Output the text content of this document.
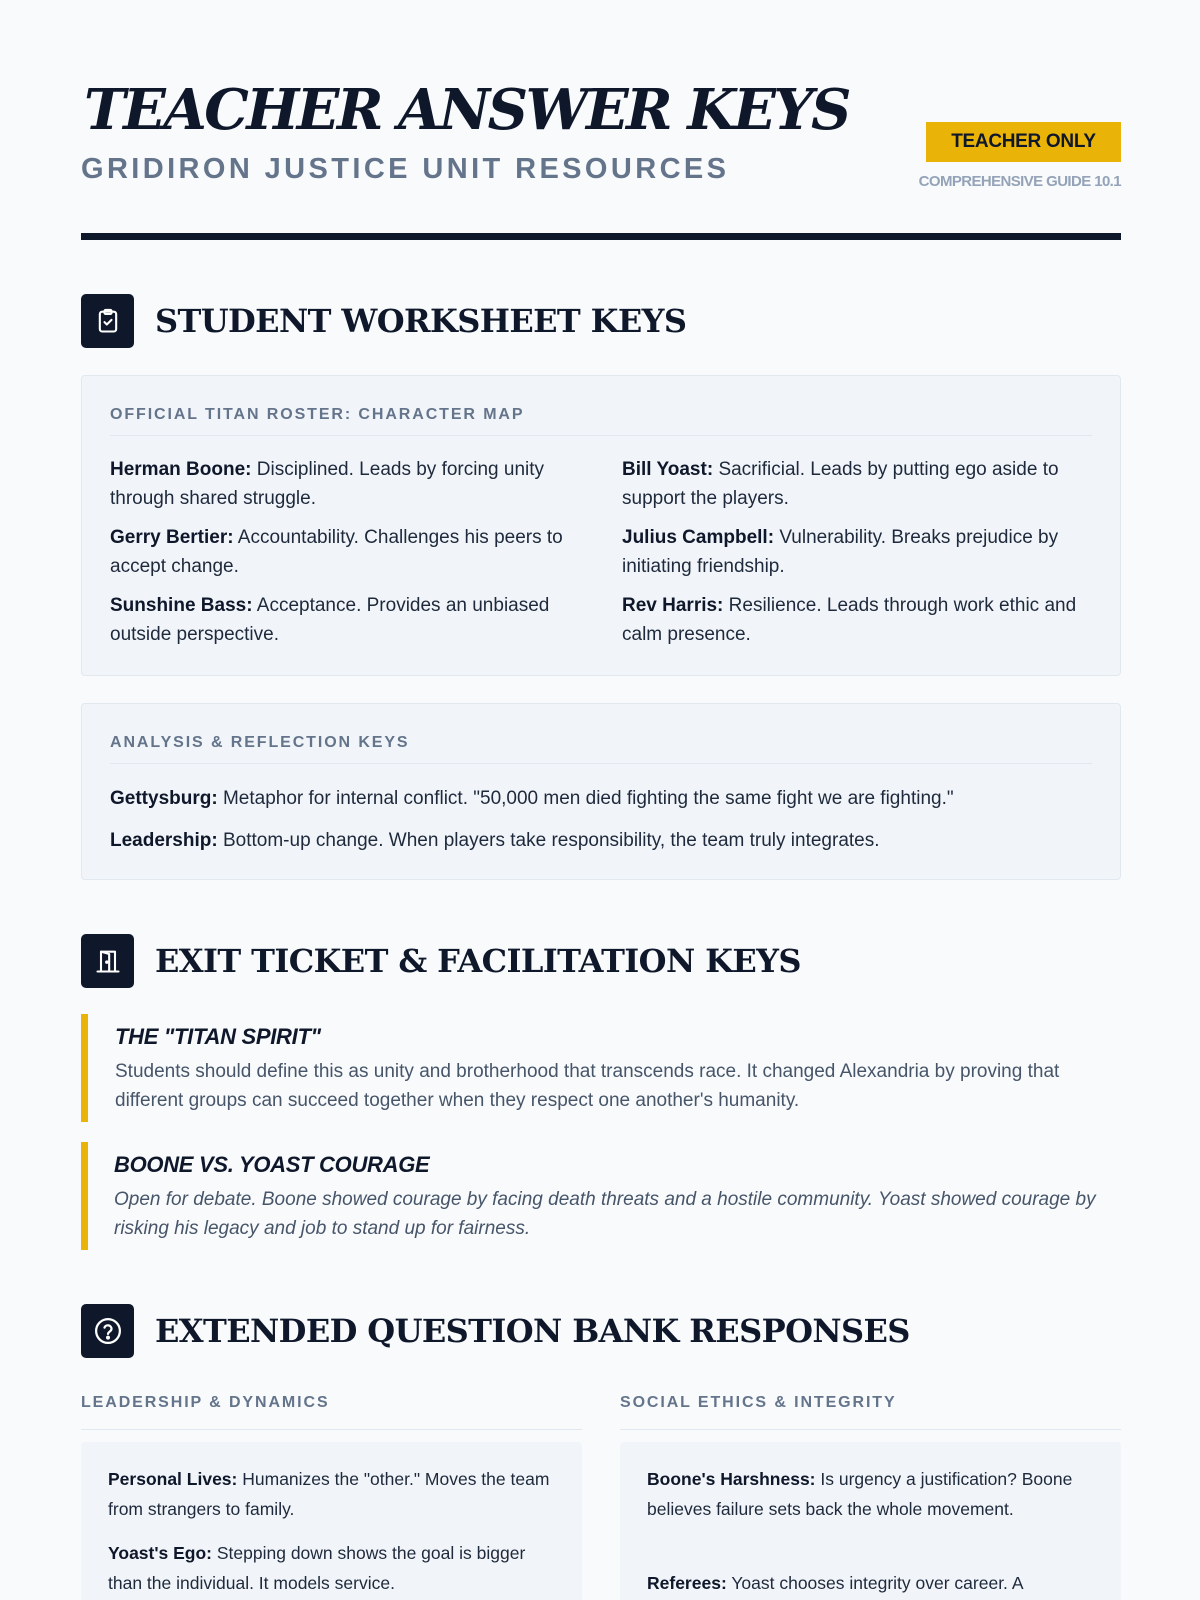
TEACHER ANSWER KEYS
GRIDIRON JUSTICE UNIT RESOURCES
TEACHER ONLY
COMPREHENSIVE GUIDE 10.1
STUDENT WORKSHEET KEYS
OFFICIAL TITAN ROSTER: CHARACTER MAP
Herman Boone: Disciplined. Leads by forcing unity through shared struggle.
Bill Yoast: Sacrificial. Leads by putting ego aside to support the players.
Gerry Bertier: Accountability. Challenges his peers to accept change.
Julius Campbell: Vulnerability. Breaks prejudice by initiating friendship.
Sunshine Bass: Acceptance. Provides an unbiased outside perspective.
Rev Harris: Resilience. Leads through work ethic and calm presence.
ANALYSIS & REFLECTION KEYS
Gettysburg: Metaphor for internal conflict. "50,000 men died fighting the same fight we are fighting."
Leadership: Bottom-up change. When players take responsibility, the team truly integrates.
EXIT TICKET & FACILITATION KEYS
THE "TITAN SPIRIT"
Students should define this as unity and brotherhood that transcends race. It changed Alexandria by proving that different groups can succeed together when they respect one another's humanity.
BOONE VS. YOAST COURAGE
Open for debate. Boone showed courage by facing death threats and a hostile community. Yoast showed courage by risking his legacy and job to stand up for fairness.
EXTENDED QUESTION BANK RESPONSES
LEADERSHIP & DYNAMICS
Personal Lives: Humanizes the "other." Moves the team from strangers to family.
Yoast's Ego: Stepping down shows the goal is bigger than the individual. It models service.
SOCIAL ETHICS & INTEGRITY
Boone's Harshness: Is urgency a justification? Boone believes failure sets back the whole movement.
Referees: Yoast chooses integrity over career. A
